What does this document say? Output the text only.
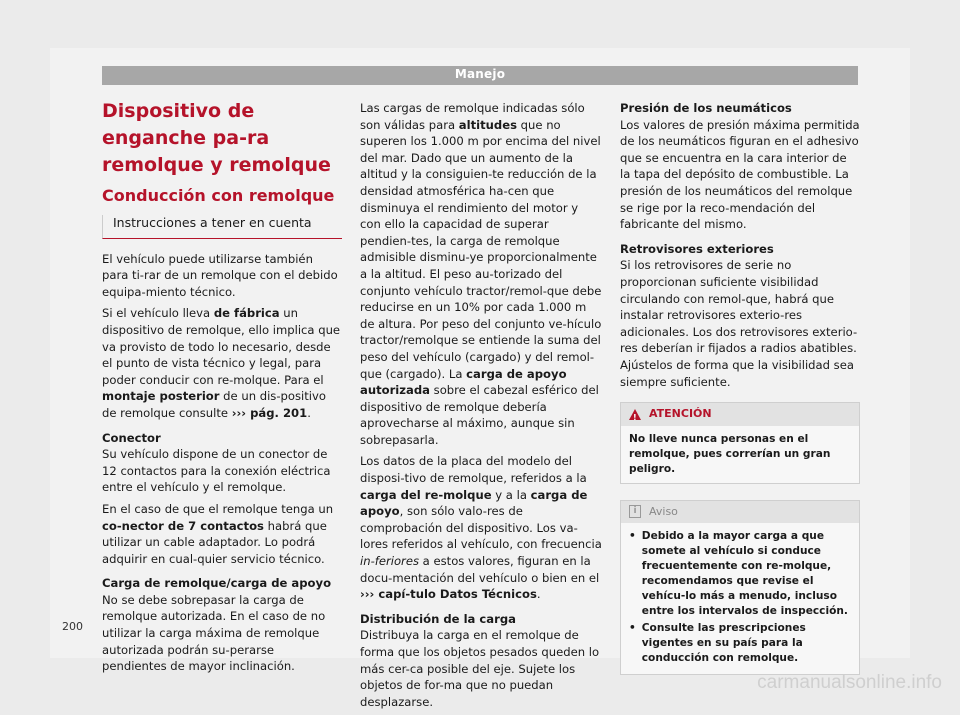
Manejo
Dispositivo de enganche pa-ra remolque y remolque
Conducción con remolque
Instrucciones a tener en cuenta

El vehículo puede utilizarse también para ti-rar de un remolque con el debido equipa-miento técnico.

Si el vehículo lleva de fábrica un dispositivo de remolque, ello implica que va provisto de todo lo necesario, desde el punto de vista técnico y legal, para poder conducir con re-molque. Para el montaje posterior de un dis-positivo de remolque consulte ››› pág. 201.

Conector

Su vehículo dispone de un conector de 12 contactos para la conexión eléctrica entre el vehículo y el remolque.

En el caso de que el remolque tenga un co-nector de 7 contactos habrá que utilizar un cable adaptador. Lo podrá adquirir en cual-quier servicio técnico.

Carga de remolque/carga de apoyo

No se debe sobrepasar la carga de remolque autorizada. En el caso de no utilizar la carga máxima de remolque autorizada podrán su-perarse pendientes de mayor inclinación.

Las cargas de remolque indicadas sólo son válidas para altitudes que no superen los 1.000 m por encima del nivel del mar. Dado que un aumento de la altitud y la consiguien-te reducción de la densidad atmosférica ha-cen que disminuya el rendimiento del motor y con ello la capacidad de superar pendien-tes, la carga de remolque admisible disminu-ye proporcionalmente a la altitud. El peso au-torizado del conjunto vehículo tractor/remol-que debe reducirse en un 10% por cada 1.000 m de altura. Por peso del conjunto ve-hículo tractor/remolque se entiende la suma del peso del vehículo (cargado) y del remol-que (cargado). La carga de apoyo autorizada sobre el cabezal esférico del dispositivo de remolque debería aprovecharse al máximo, aunque sin sobrepasarla.

Los datos de la placa del modelo del disposi-tivo de remolque, referidos a la carga del re-molque y a la carga de apoyo, son sólo valo-res de comprobación del dispositivo. Los va-lores referidos al vehículo, con frecuencia in-feriores a estos valores, figuran en la docu-mentación del vehículo o bien en el ››› capí-tulo Datos Técnicos.

Distribución de la carga

Distribuya la carga en el remolque de forma que los objetos pesados queden lo más cer-ca posible del eje. Sujete los objetos de for-ma que no puedan desplazarse.

Presión de los neumáticos

Los valores de presión máxima permitida de los neumáticos figuran en el adhesivo que se encuentra en la cara interior de la tapa del depósito de combustible. La presión de los neumáticos del remolque se rige por la reco-mendación del fabricante del mismo.

Retrovisores exteriores

Si los retrovisores de serie no proporcionan suficiente visibilidad circulando con remol-que, habrá que instalar retrovisores exterio-res adicionales. Los dos retrovisores exterio-res deberían ir fijados a radios abatibles. Ajústelos de forma que la visibilidad sea siempre suficiente.

!
ATENCIÓN
No lleve nunca personas en el remolque, pues correrían un gran peligro.
i	Aviso
• Debido a la mayor carga a que somete al vehículo si conduce frecuentemente con re-molque, recomendamos que revise el vehícu-lo más a menudo, incluso entre los intervalos de inspección.
• Consulte las prescripciones vigentes en su país para la conducción con remolque.
200
carmanualsonline.info
